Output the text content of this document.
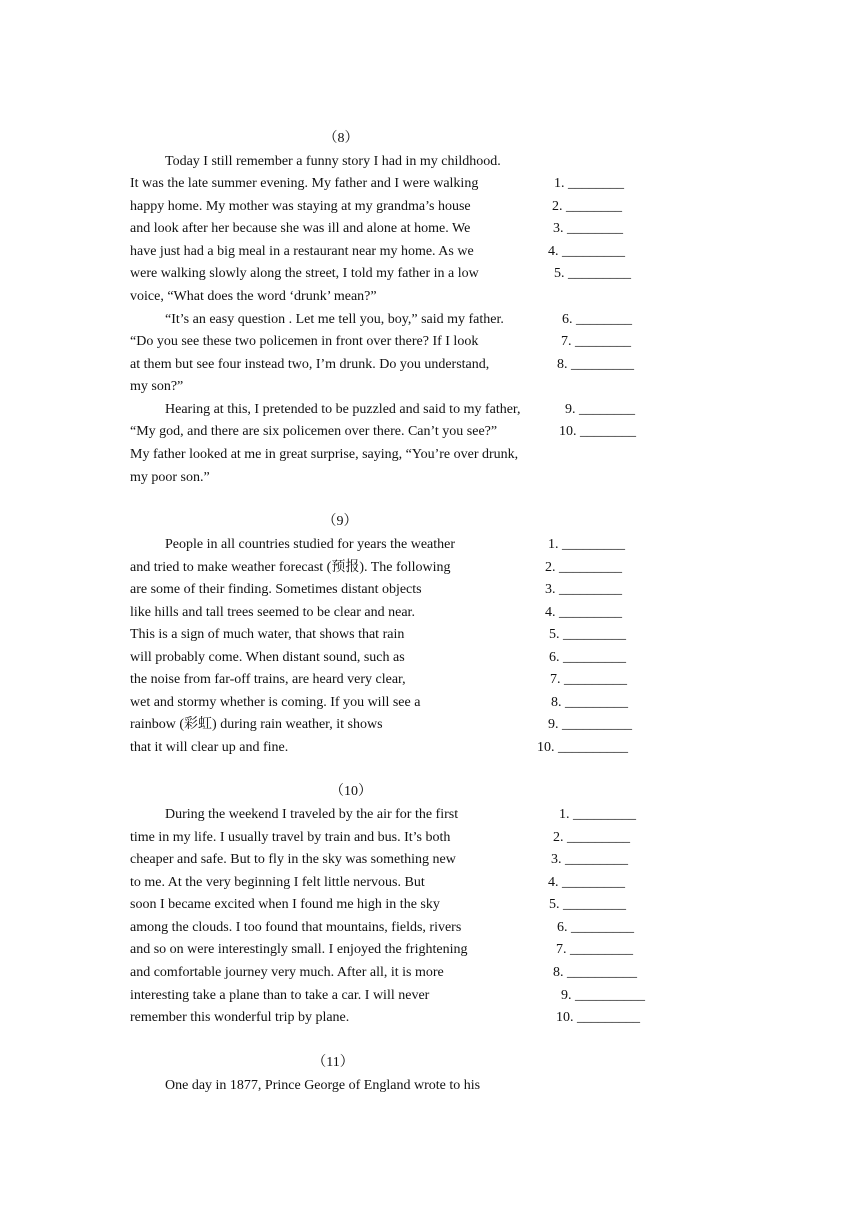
（8）
Today I still remember a funny story I had in my childhood.
It was the late summer evening. My father and I were walking
happy home. My mother was staying at my grandma’s house
and look after her because she was ill and alone at home. We
have just had a big meal in a restaurant near my home. As we
were walking slowly along the street, I told my father in a low
voice, “What does the word ‘drunk’ mean?”
“It’s an easy question . Let me tell you, boy,” said my father.
“Do you see these two policemen in front over there? If I look
at them but see four instead two, I’m drunk. Do you understand,
my son?”
Hearing at this, I pretended to be puzzled and said to my father,
“My god, and there are six policemen over there. Can’t you see?”
My father looked at me in great surprise, saying, “You’re over drunk,
my poor son.”
1. ________
2. ________
3. ________
4. _________
5. _________
6. ________
7. ________
8. _________
9. ________
10. ________
（9）
People in all countries studied for years the weather
and tried to make weather forecast (预报). The following
are some of their finding. Sometimes distant objects
like hills and tall trees seemed to be clear and near.
This is a sign of much water, that shows that rain
will probably come. When distant sound, such as
the noise from far-off trains, are heard very clear,
wet and stormy whether is coming. If you will see a
rainbow (彩虹) during rain weather, it shows
that it will clear up and fine.
1. _________
2. _________
3. _________
4. _________
5. _________
6. _________
7. _________
8. _________
9. __________
10. __________
（10）
During the weekend I traveled by the air for the first
time in my life. I usually travel by train and bus. It’s both
cheaper and safe. But to fly in the sky was something new
to me. At the very beginning I felt little nervous. But
soon I became excited when I found me high in the sky
among the clouds. I too found that mountains, fields, rivers
and so on were interestingly small. I enjoyed the frightening
and comfortable journey very much. After all, it is more
interesting take a plane than to take a car. I will never
remember this wonderful trip by plane.
1. _________
2. _________
3. _________
4. _________
5. _________
6. _________
7. _________
8. __________
9. __________
10. _________
（11）
One day in 1877, Prince George of England wrote to his
